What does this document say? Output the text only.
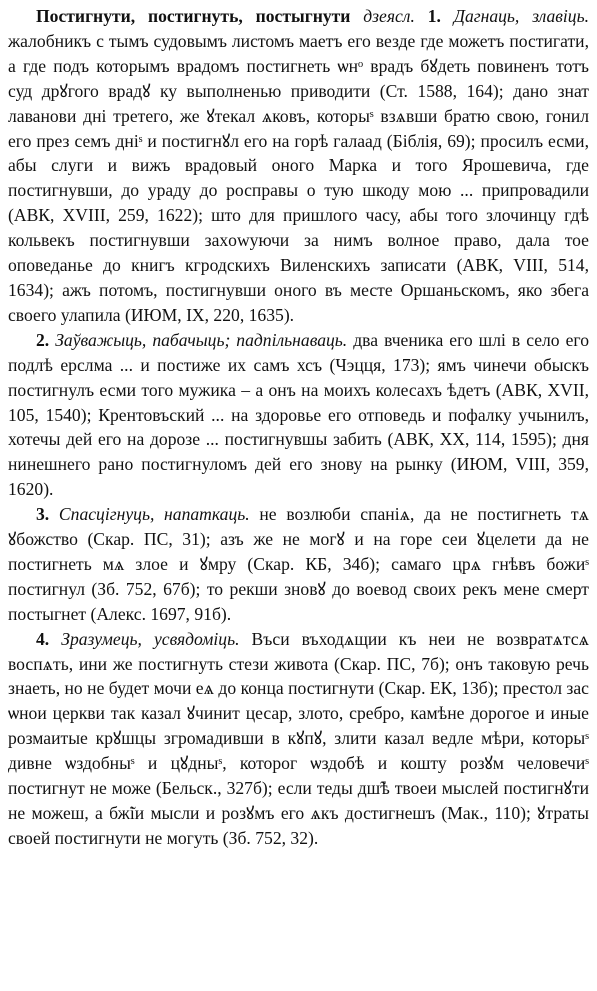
Постигнути, постигнуть, постыгнути дзеясл. 1. Дагнаць, злавіць. жалобникъ с тымъ судовымъ листомъ маетъ его везде где можетъ постигати, а где подъ которымъ врадомъ постигнеть ѡнᵒ врадъ бꙋдеть повиненъ тотъ суд дрꙋгого врадꙋ ку выполненью приводити (Ст. 1588, 164); дано знат лаванови дні третего, же ꙋтекал ѧковъ, которыˢ взѧвши братю свою, гонил его през семъ днiˢ и постигнꙋл его на горѣ галаад (Біблія, 69); просилъ есми, абы слуги и вижъ врадовый оного Марка и того Ярошевича, где постигнувши, до ураду до росправы о тую шкоду мою ... припровадили (АВК, XVIII, 259, 1622); што для пришлого часу, абы того злочинцу гдѣ кольвекъ постигнувши захowyючи за нимъ волное право, дала тое оповеданье до книгъ кгродскихъ Виленскихъ записати (АВК, VIII, 514, 1634); ажъ потомъ, постигнувши оного въ месте Оршаньскомъ, яко збега своего улапила (ИЮМ, IX, 220, 1635).

2. Заўважыць, пабачыць; падпільнаваць. два вченика его шлі в село его подлѣ ерслма ... и постиже их самъ хсъ (Чэцця, 173); ямъ чинечи обыскъ постигнулъ есми того мужика – а онъ на моихъ колесахъ ѣдетъ (АВК, XVII, 105, 1540); Крентовъский ... на здоровье его отповедь и пофалку учынилъ, хотечы дей его на дорозе ... постигнувшы забить (АВК, XX, 114, 1595); дня нинешнего рано постигнуломъ дей его знову на рынку (ИЮМ, VIII, 359, 1620).

3. Спасцігнуць, напаткаць. не возлюби спанiѧ, да не постигнеть тѧ ꙋбожство (Скар. ПС, 31); азъ же не могꙋ и на горе сеи ꙋцелети да не постигнеть мѧ злое и ꙋмру (Скар. КБ, 34б); самаго црѧ гнѣвъ божиˢ постигнул (Зб. 752, 67б); то рекши зновꙋ до воевод своих рекъ мене смерт постыгнет (Алекс. 1697, 91б).

4. Зразумець, усвядоміць. Въси въходѧщии къ неи не возвратѧтсѧ воспѧть, ини же постигнуть стези живота (Скар. ПС, 7б); онъ таковую речь знаеть, но не будет мочи еѧ до конца постигнути (Скар. ЕК, 13б); престол зас ѡнои церкви так казал ꙋчинит цесар, злото, сребро, камѣне дорогое и иные розмаитые крꙋшцы згромадивши в кꙋпꙋ, злити казал ведле мѣри, которыˢ дивне ѡздобныˢ и цꙋдныˢ, которог ѡздобѣ и кошту розꙋм человечиˢ постигнут не може (Бельск., 327б); если теды дш̃ѣ твоеи мыслей постигнꙋти не можеш, а бж̃iи мысли и розꙋмъ его ѧкъ достигнешъ (Мак., 110); ꙋтраты своей постигнути не могуть (Зб. 752, 32).
